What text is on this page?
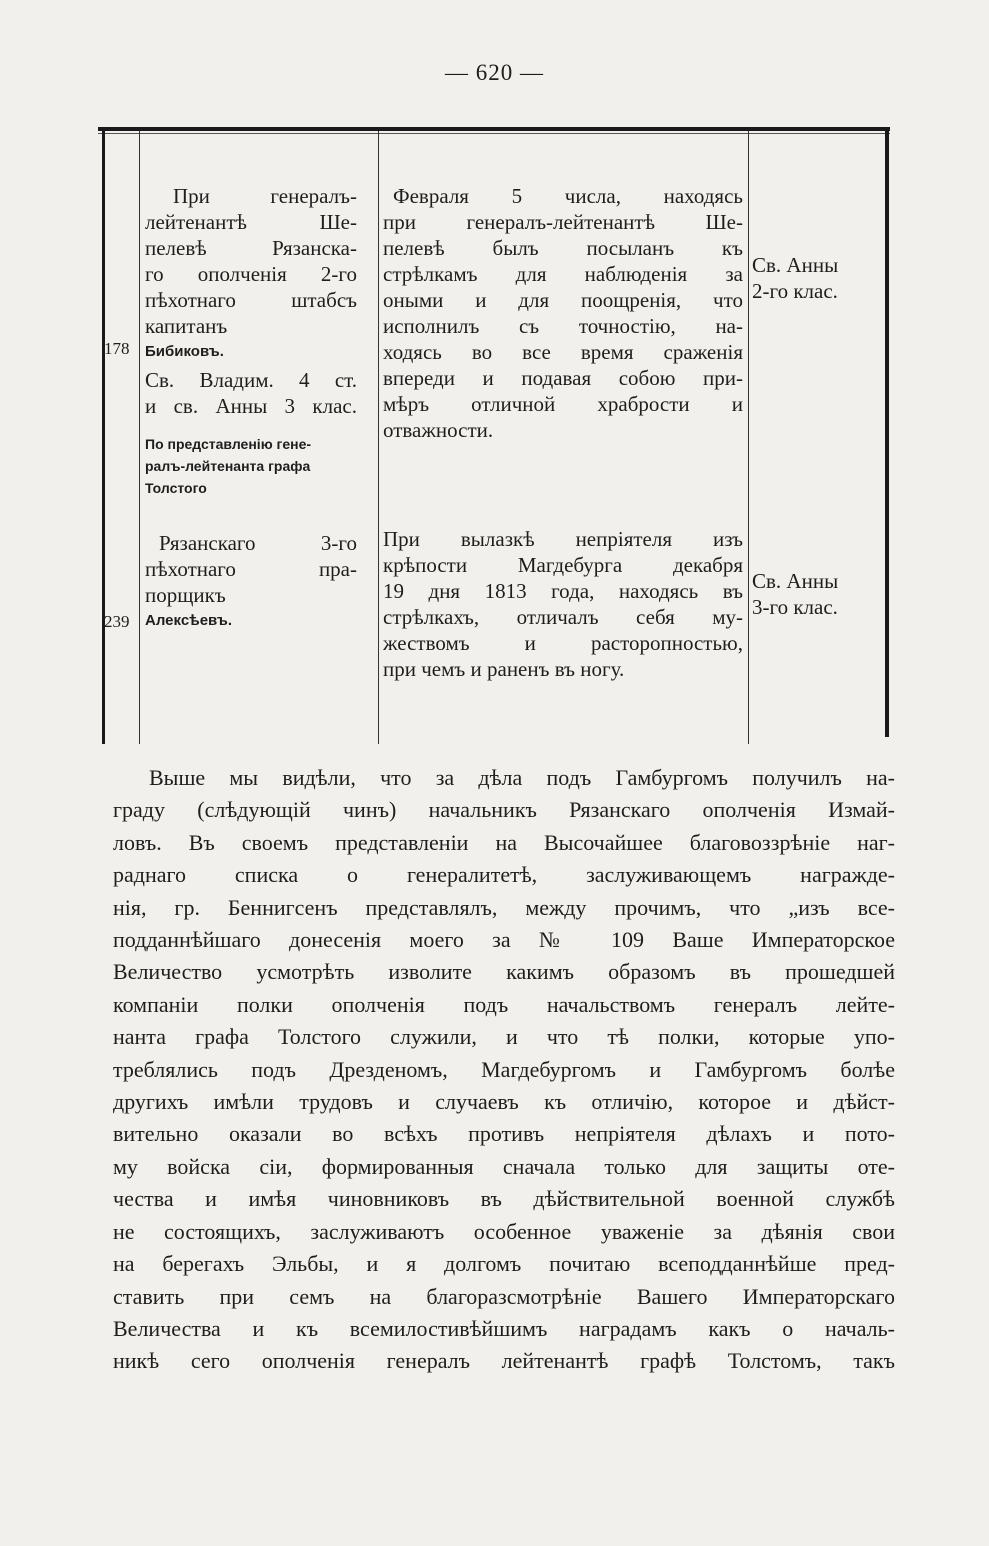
— 620 —
178
При генералъ-
лейтенантѣ Ше-
пелевѣ Рязанска-
го ополченія 2-го
пѣхотнаго штабсъ
капитанъ
Бибиковъ.
Св. Владим. 4 ст.
и св. Анны 3 клас.
По представленію гене-
ралъ-лейтенанта графа
Толстого
Февраля 5 числа, находясь
при генералъ-лейтенантѣ Ше-
пелевѣ былъ посыланъ къ
стрѣлкамъ для наблюденія за
оными и для поощренія, что
исполнилъ съ точностію, на-
ходясь во все время сраженія
впереди и подавая собою при-
мѣръ отличной храбрости и
отважности.
Св. Анны
2-го клас.
239
Рязанскаго 3-го
пѣхотнаго пра-
порщикъ
Алексѣевъ.
При вылазкѣ непріятеля изъ
крѣпости Магдебурга декабря
19 дня 1813 года, находясь въ
стрѣлкахъ, отличалъ себя му-
жествомъ и расторопностью,
при чемъ и раненъ въ ногу.
Св. Анны
3-го клас.
Выше мы видѣли, что за дѣла подъ Гамбургомъ получилъ на-
граду (слѣдующій чинъ) начальникъ Рязанскаго ополченія Измай-
ловъ. Въ своемъ представленіи на Высочайшее благовоззрѣніе наг-
раднаго списка о генералитетѣ, заслуживающемъ награжде-
нія, гр. Беннигсенъ представлялъ, между прочимъ, что „изъ все-
подданнѣйшаго донесенія моего за № 109 Ваше Императорское
Величество усмотрѣть изволите какимъ образомъ въ прошедшей
компаніи полки ополченія подъ начальствомъ генералъ лейте-
нанта графа Толстого служили, и что тѣ полки, которые упо-
треблялись подъ Дрезденомъ, Магдебургомъ и Гамбургомъ болѣе
другихъ имѣли трудовъ и случаевъ къ отличію, которое и дѣйст-
вительно оказали во всѣхъ противъ непріятеля дѣлахъ и пото-
му войска сіи, формированныя сначала только для защиты оте-
чества и имѣя чиновниковъ въ дѣйствительной военной службѣ
не состоящихъ, заслуживаютъ особенное уваженіе за дѣянія свои
на берегахъ Эльбы, и я долгомъ почитаю всеподданнѣйше пред-
ставить при семъ на благоразсмотрѣніе Вашего Императорскаго
Величества и къ всемилостивѣйшимъ наградамъ какъ о началь-
никѣ сего ополченія генералъ лейтенантѣ графѣ Толстомъ, такъ
